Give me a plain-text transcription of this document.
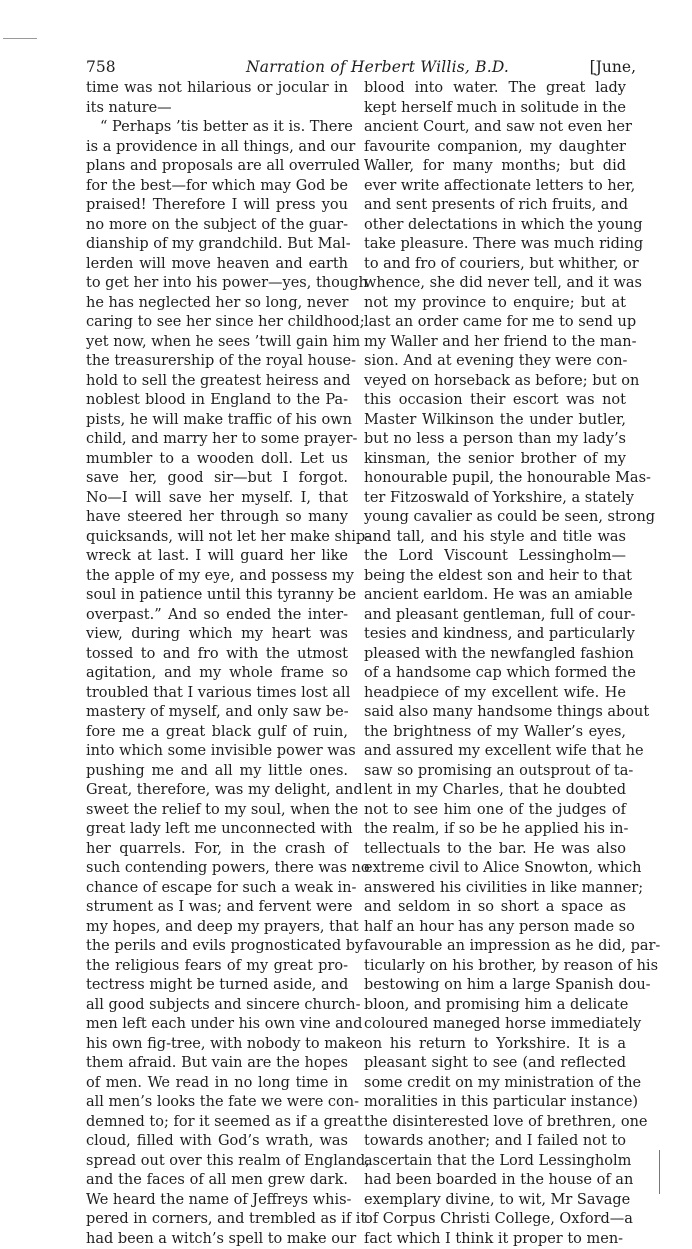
758	Narration of Herbert Willis, B.D.	[June,
time was not hilarious or jocular in
its nature—
“ Perhaps ’tis better as it is. There
is a providence in all things, and our
plans and proposals are all overruled
for the best—for which may God be
praised! Therefore I will press you
no more on the subject of the guar-
dianship of my grandchild. But Mal-
lerden will move heaven and earth
to get her into his power—yes, though
he has neglected her so long, never
caring to see her since her childhood;
yet now, when he sees ’twill gain him
the treasurership of the royal house-
hold to sell the greatest heiress and
noblest blood in England to the Pa-
pists, he will make traffic of his own
child, and marry her to some prayer-
mumbler to a wooden doll. Let us
save her, good sir—but I forgot.
No—I will save her myself. I, that
have steered her through so many
quicksands, will not let her make ship-
wreck at last. I will guard her like
the apple of my eye, and possess my
soul in patience until this tyranny be
overpast.” And so ended the inter-
view, during which my heart was
tossed to and fro with the utmost
agitation, and my whole frame so
troubled that I various times lost all
mastery of myself, and only saw be-
fore me a great black gulf of ruin,
into which some invisible power was
pushing me and all my little ones.
Great, therefore, was my delight, and
sweet the relief to my soul, when the
great lady left me unconnected with
her quarrels. For, in the crash of
such contending powers, there was no
chance of escape for such a weak in-
strument as I was; and fervent were
my hopes, and deep my prayers, that
the perils and evils prognosticated by
the religious fears of my great pro-
tectress might be turned aside, and
all good subjects and sincere church-
men left each under his own vine and
his own fig-tree, with nobody to make
them afraid. But vain are the hopes
of men. We read in no long time in
all men’s looks the fate we were con-
demned to; for it seemed as if a great
cloud, filled with God’s wrath, was
spread out over this realm of England,
and the faces of all men grew dark.
We heard the name of Jeffreys whis-
pered in corners, and trembled as if it
had been a witch’s spell to make our
blood into water. The great lady
kept herself much in solitude in the
ancient Court, and saw not even her
favourite companion, my daughter
Waller, for many months; but did
ever write affectionate letters to her,
and sent presents of rich fruits, and
other delectations in which the young
take pleasure. There was much riding
to and fro of couriers, but whither, or
whence, she did never tell, and it was
not my province to enquire; but at
last an order came for me to send up
my Waller and her friend to the man-
sion. And at evening they were con-
veyed on horseback as before; but on
this occasion their escort was not
Master Wilkinson the under butler,
but no less a person than my lady’s
kinsman, the senior brother of my
honourable pupil, the honourable Mas-
ter Fitzoswald of Yorkshire, a stately
young cavalier as could be seen, strong
and tall, and his style and title was
the Lord Viscount Lessingholm—
being the eldest son and heir to that
ancient earldom. He was an amiable
and pleasant gentleman, full of cour-
tesies and kindness, and particularly
pleased with the newfangled fashion
of a handsome cap which formed the
headpiece of my excellent wife. He
said also many handsome things about
the brightness of my Waller’s eyes,
and assured my excellent wife that he
saw so promising an outsprout of ta-
lent in my Charles, that he doubted
not to see him one of the judges of
the realm, if so be he applied his in-
tellectuals to the bar. He was also
extreme civil to Alice Snowton, which
answered his civilities in like manner;
and seldom in so short a space as
half an hour has any person made so
favourable an impression as he did, par-
ticularly on his brother, by reason of his
bestowing on him a large Spanish dou-
bloon, and promising him a delicate
coloured maneged horse immediately
on his return to Yorkshire. It is a
pleasant sight to see (and reflected
some credit on my ministration of the
moralities in this particular instance)
the disinterested love of brethren, one
towards another; and I failed not to
ascertain that the Lord Lessingholm
had been boarded in the house of an
exemplary divine, to wit, Mr Savage
of Corpus Christi College, Oxford—a
fact which I think it proper to men-
